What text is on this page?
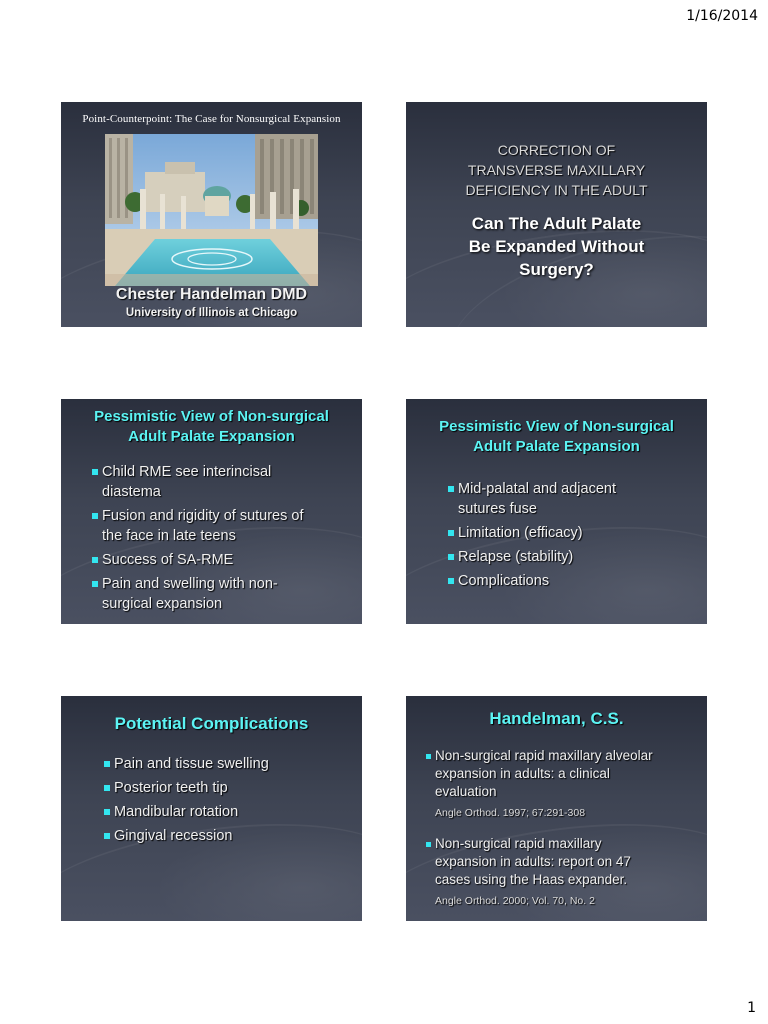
1/16/2014
Point-Counterpoint: The Case for Nonsurgical Expansion
Chester Handelman DMD
University of Illinois at Chicago
CORRECTION OF
TRANSVERSE MAXILLARY
DEFICIENCY IN THE ADULT
Can The Adult Palate
Be Expanded Without
Surgery?
Pessimistic View of Non-surgical
Adult Palate Expansion
Child RME see interincisal
diastema
Fusion and rigidity of sutures of
the face in late teens
Success of SA-RME
Pain and swelling with non-
surgical expansion
Pessimistic View of Non-surgical
Adult Palate Expansion
Mid-palatal and adjacent
sutures fuse
Limitation (efficacy)
Relapse (stability)
Complications
Potential Complications
Pain and tissue swelling
Posterior teeth tip
Mandibular rotation
Gingival recession
Handelman, C.S.
Non-surgical rapid maxillary alveolar
expansion in adults: a clinical
evaluation
Angle Orthod. 1997; 67:291-308
Non-surgical rapid maxillary
expansion in adults: report on 47
cases using the Haas expander.
Angle Orthod. 2000; Vol. 70, No. 2
1
